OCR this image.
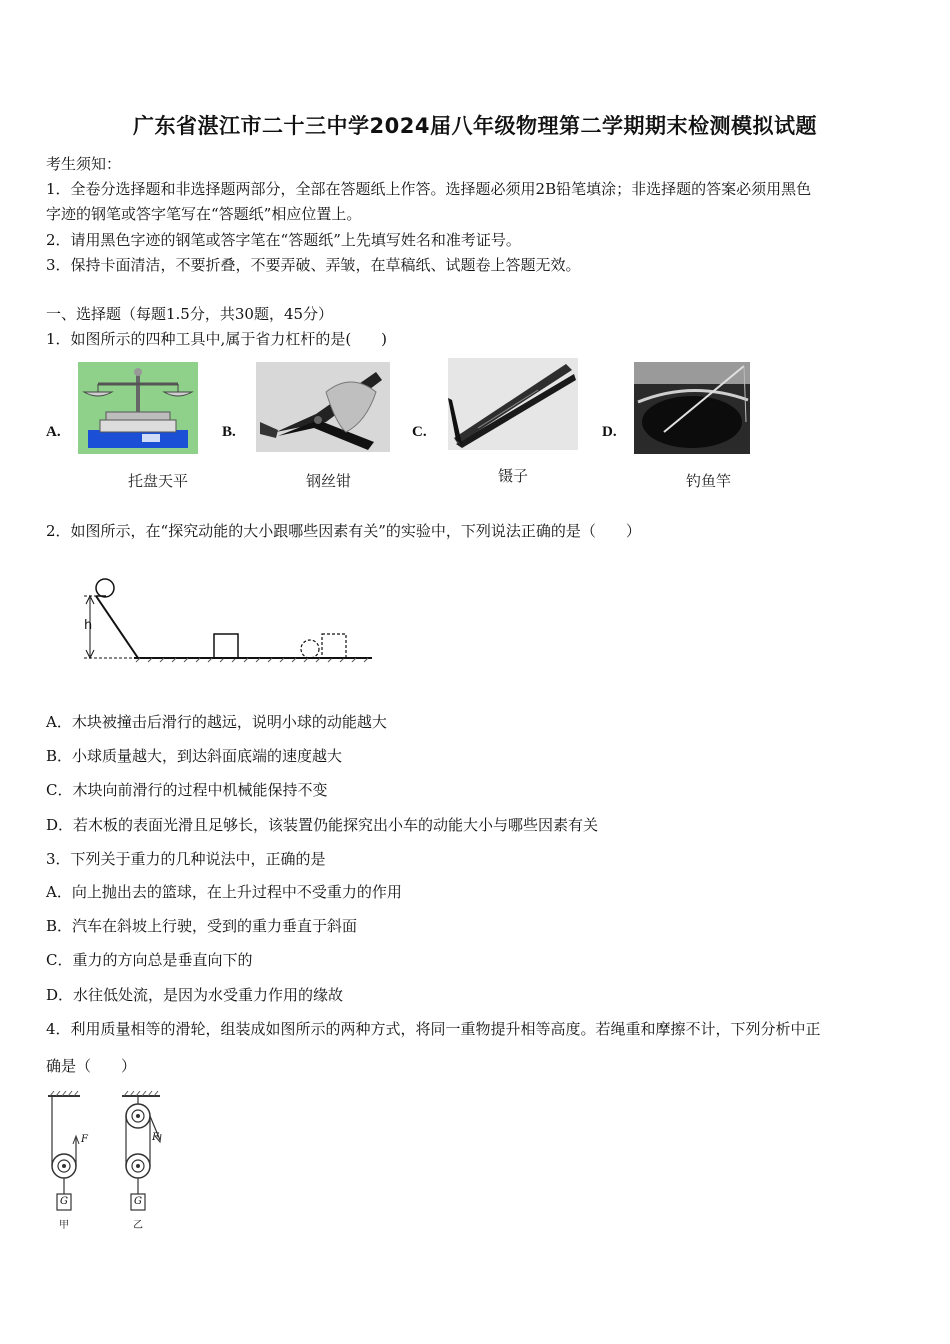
广东省湛江市二十三中学2024届八年级物理第二学期期末检测模拟试题
考生须知：
1．全卷分选择题和非选择题两部分，全部在答题纸上作答。选择题必须用2B铅笔填涂；非选择题的答案必须用黑色
字迹的钢笔或答字笔写在“答题纸”相应位置上。
2．请用黑色字迹的钢笔或答字笔在“答题纸”上先填写姓名和准考证号。
3．保持卡面清洁，不要折叠，不要弄破、弄皱，在草稿纸、试题卷上答题无效。
一、选择题（每题1.5分，共30题，45分）
1．如图所示的四种工具中,属于省力杠杆的是(　　)
A.
托盘天平
B.
钢丝钳
C.
镊子
D.
钓鱼竿
2．如图所示，在“探究动能的大小跟哪些因素有关”的实验中，下列说法正确的是（　　）
h
A．木块被撞击后滑行的越远，说明小球的动能越大
B．小球质量越大，到达斜面底端的速度越大
C．木块向前滑行的过程中机械能保持不变
D．若木板的表面光滑且足够长，该装置仍能探究出小车的动能大小与哪些因素有关
3．下列关于重力的几种说法中，正确的是
A．向上抛出去的篮球，在上升过程中不受重力的作用
B．汽车在斜坡上行驶，受到的重力垂直于斜面
C．重力的方向总是垂直向下的
D．水往低处流，是因为水受重力作用的缘故
4．利用质量相等的滑轮，组装成如图所示的两种方式，将同一重物提升相等高度。若绳重和摩擦不计，下列分析中正
确是（　　）
F	F
G	G
甲	乙
